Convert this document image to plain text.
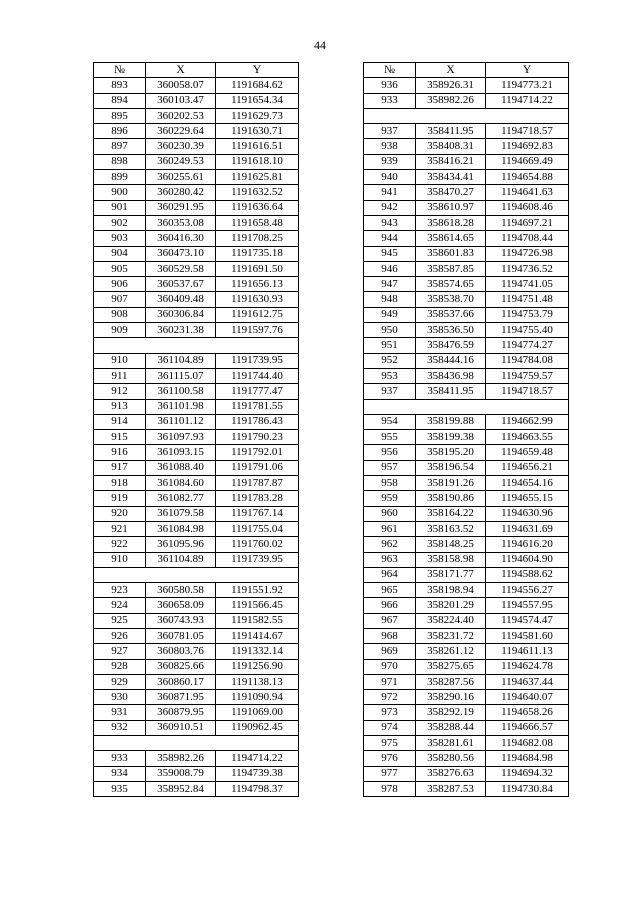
44
№	X	Y
893	360058.07	1191684.62
894	360103.47	1191654.34
895	360202.53	1191629.73
896	360229.64	1191630.71
897	360230.39	1191616.51
898	360249.53	1191618.10
899	360255.61	1191625.81
900	360280.42	1191632.52
901	360291.95	1191636.64
902	360353.08	1191658.48
903	360416.30	1191708.25
904	360473.10	1191735.18
905	360529.58	1191691.50
906	360537.67	1191656.13
907	360409.48	1191630.93
908	360306.84	1191612.75
909	360231.38	1191597.76

910	361104.89	1191739.95
911	361115.07	1191744.40
912	361100.58	1191777.47
913	361101.98	1191781.55
914	361101.12	1191786.43
915	361097.93	1191790.23
916	361093.15	1191792.01
917	361088.40	1191791.06
918	361084.60	1191787.87
919	361082.77	1191783.28
920	361079.58	1191767.14
921	361084.98	1191755.04
922	361095.96	1191760.02
910	361104.89	1191739.95

923	360580.58	1191551.92
924	360658.09	1191566.45
925	360743.93	1191582.55
926	360781.05	1191414.67
927	360803.76	1191332.14
928	360825.66	1191256.90
929	360860.17	1191138.13
930	360871.95	1191090.94
931	360879.95	1191069.00
932	360910.51	1190962.45

933	358982.26	1194714.22
934	359008.79	1194739.38
935	358952.84	1194798.37
№	X	Y
936	358926.31	1194773.21
933	358982.26	1194714.22

937	358411.95	1194718.57
938	358408.31	1194692.83
939	358416.21	1194669.49
940	358434.41	1194654.88
941	358470.27	1194641.63
942	358610.97	1194608.46
943	358618.28	1194697.21
944	358614.65	1194708.44
945	358601.83	1194726.98
946	358587.85	1194736.52
947	358574.65	1194741.05
948	358538.70	1194751.48
949	358537.66	1194753.79
950	358536.50	1194755.40
951	358476.59	1194774.27
952	358444.16	1194784.08
953	358436.98	1194759.57
937	358411.95	1194718.57

954	358199.88	1194662.99
955	358199.38	1194663.55
956	358195.20	1194659.48
957	358196.54	1194656.21
958	358191.26	1194654.16
959	358190.86	1194655.15
960	358164.22	1194630.96
961	358163.52	1194631.69
962	358148.25	1194616.20
963	358158.98	1194604.90
964	358171.77	1194588.62
965	358198.94	1194556.27
966	358201.29	1194557.95
967	358224.40	1194574.47
968	358231.72	1194581.60
969	358261.12	1194611.13
970	358275.65	1194624.78
971	358287.56	1194637.44
972	358290.16	1194640.07
973	358292.19	1194658.26
974	358288.44	1194666.57
975	358281.61	1194682.08
976	358280.56	1194684.98
977	358276.63	1194694.32
978	358287.53	1194730.84
